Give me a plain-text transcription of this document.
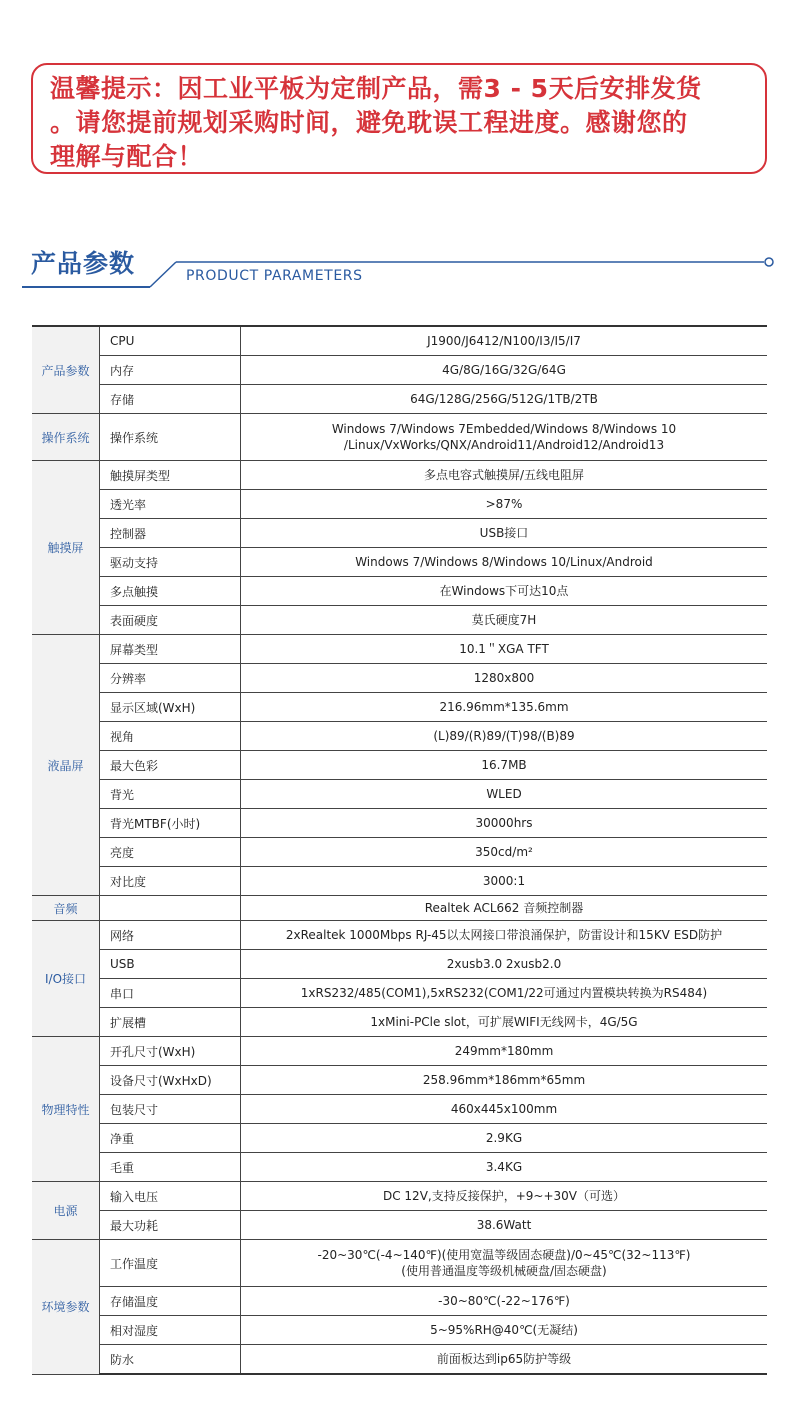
温馨提示：因工业平板为定制产品，需3 - 5天后安排发货
。请您提前规划采购时间，避免耽误工程进度。感谢您的
理解与配合！
产品参数	PRODUCT PARAMETERS
产品参数	CPU	J1900/J6412/N100/I3/I5/I7

	内存	4G/8G/16G/32G/64G

	存储	64G/128G/256G/512G/1TB/2TB

操作系统	操作系统	Windows 7/Windows 7Embedded/Windows 8/Windows 10
/Linux/VxWorks/QNX/Android11/Android12/Android13

触摸屏	触摸屏类型	多点电容式触摸屏/五线电阻屏

	透光率	>87%

	控制器	USB接口

	驱动支持	Windows 7/Windows 8/Windows 10/Linux/Android

	多点触摸	在Windows下可达10点

	表面硬度	莫氏硬度7H

液晶屏	屏幕类型	10.1＂XGA TFT

	分辨率	1280x800

	显示区域(WxH)	216.96mm*135.6mm

	视角	(L)89/(R)89/(T)98/(B)89

	最大色彩	16.7MB

	背光	WLED

	背光MTBF(小时)	30000hrs

	亮度	350cd/m²

	对比度	3000:1

音频		Realtek ACL662 音频控制器

I/O接口	网络	2xRealtek 1000Mbps RJ-45以太网接口带浪涌保护，防雷设计和15KV ESD防护

	USB	2xusb3.0 2xusb2.0

	串口	1xRS232/485(COM1),5xRS232(COM1/22可通过内置模块转换为RS484)

	扩展槽	1xMini-PCle slot，可扩展WIFI无线网卡，4G/5G

物理特性	开孔尺寸(WxH)	249mm*180mm

	设备尺寸(WxHxD)	258.96mm*186mm*65mm

	包装尺寸	460x445x100mm

	净重	2.9KG

	毛重	3.4KG

电源	输入电压	DC 12V,支持反接保护，+9~+30V（可选）

	最大功耗	38.6Watt

环境参数	工作温度	-20~30℃(-4~140℉)(使用宽温等级固态硬盘)/0~45℃(32~113℉)
(使用普通温度等级机械硬盘/固态硬盘)

	存储温度	-30~80℃(-22~176℉)

	相对湿度	5~95%RH@40℃(无凝结)

	防水	前面板达到ip65防护等级
